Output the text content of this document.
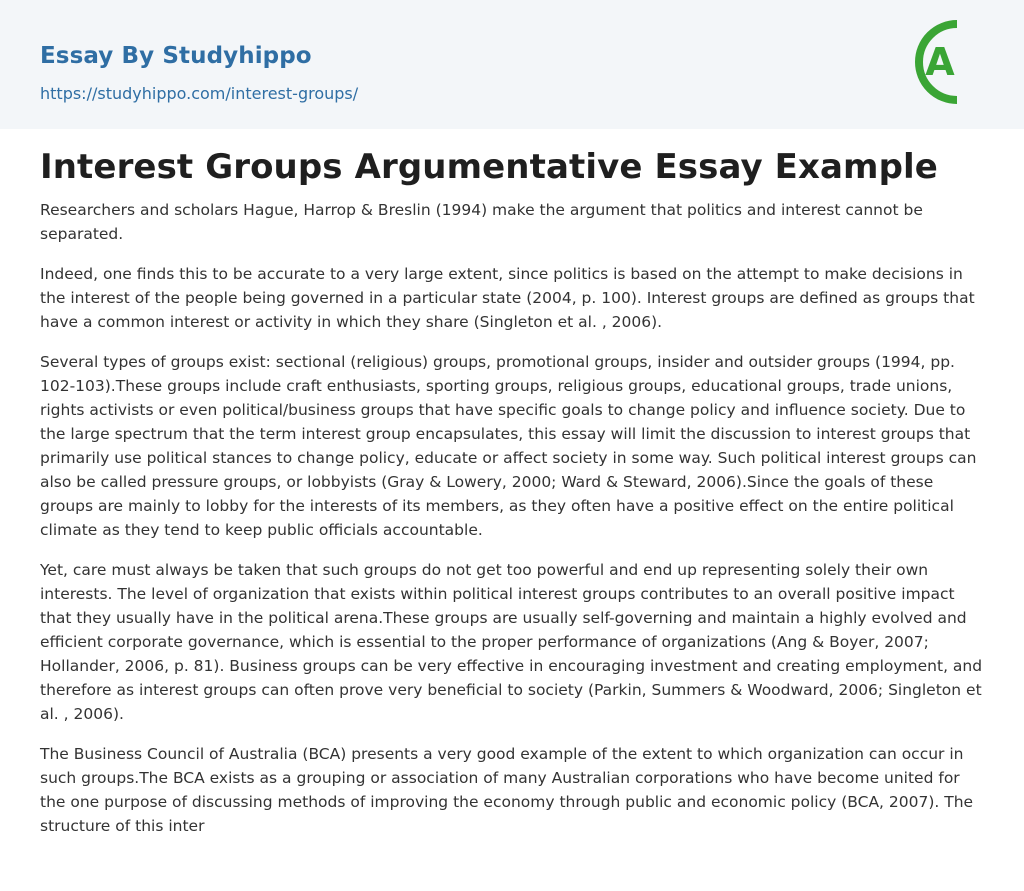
Essay By Studyhippo
https://studyhippo.com/interest-groups/
A
Interest Groups Argumentative Essay Example

Researchers and scholars Hague, Harrop & Breslin (1994) make the argument that politics and interest cannot be separated.

Indeed, one finds this to be accurate to a very large extent, since politics is based on the attempt to make decisions in the interest of the people being governed in a particular state (2004, p. 100). Interest groups are defined as groups that have a common interest or activity in which they share (Singleton et al. , 2006).

Several types of groups exist: sectional (religious) groups, promotional groups, insider and outsider groups (1994, pp. 102-103).These groups include craft enthusiasts, sporting groups, religious groups, educational groups, trade unions, rights activists or even political/business groups that have specific goals to change policy and influence society. Due to the large spectrum that the term interest group encapsulates, this essay will limit the discussion to interest groups that primarily use political stances to change policy, educate or affect society in some way. Such political interest groups can also be called pressure groups, or lobbyists (Gray & Lowery, 2000; Ward & Steward, 2006).Since the goals of these groups are mainly to lobby for the interests of its members, as they often have a positive effect on the entire political climate as they tend to keep public officials accountable.

Yet, care must always be taken that such groups do not get too powerful and end up representing solely their own interests. The level of organization that exists within political interest groups contributes to an overall positive impact that they usually have in the political arena.These groups are usually self-governing and maintain a highly evolved and efficient corporate governance, which is essential to the proper performance of organizations (Ang & Boyer, 2007; Hollander, 2006, p. 81). Business groups can be very effective in encouraging investment and creating employment, and therefore as interest groups can often prove very beneficial to society (Parkin, Summers & Woodward, 2006; Singleton et al. , 2006).

The Business Council of Australia (BCA) presents a very good example of the extent to which organization can occur in such groups.The BCA exists as a grouping or association of many Australian corporations who have become united for the one purpose of discussing methods of improving the economy through public and economic policy (BCA, 2007). The structure of this inter
